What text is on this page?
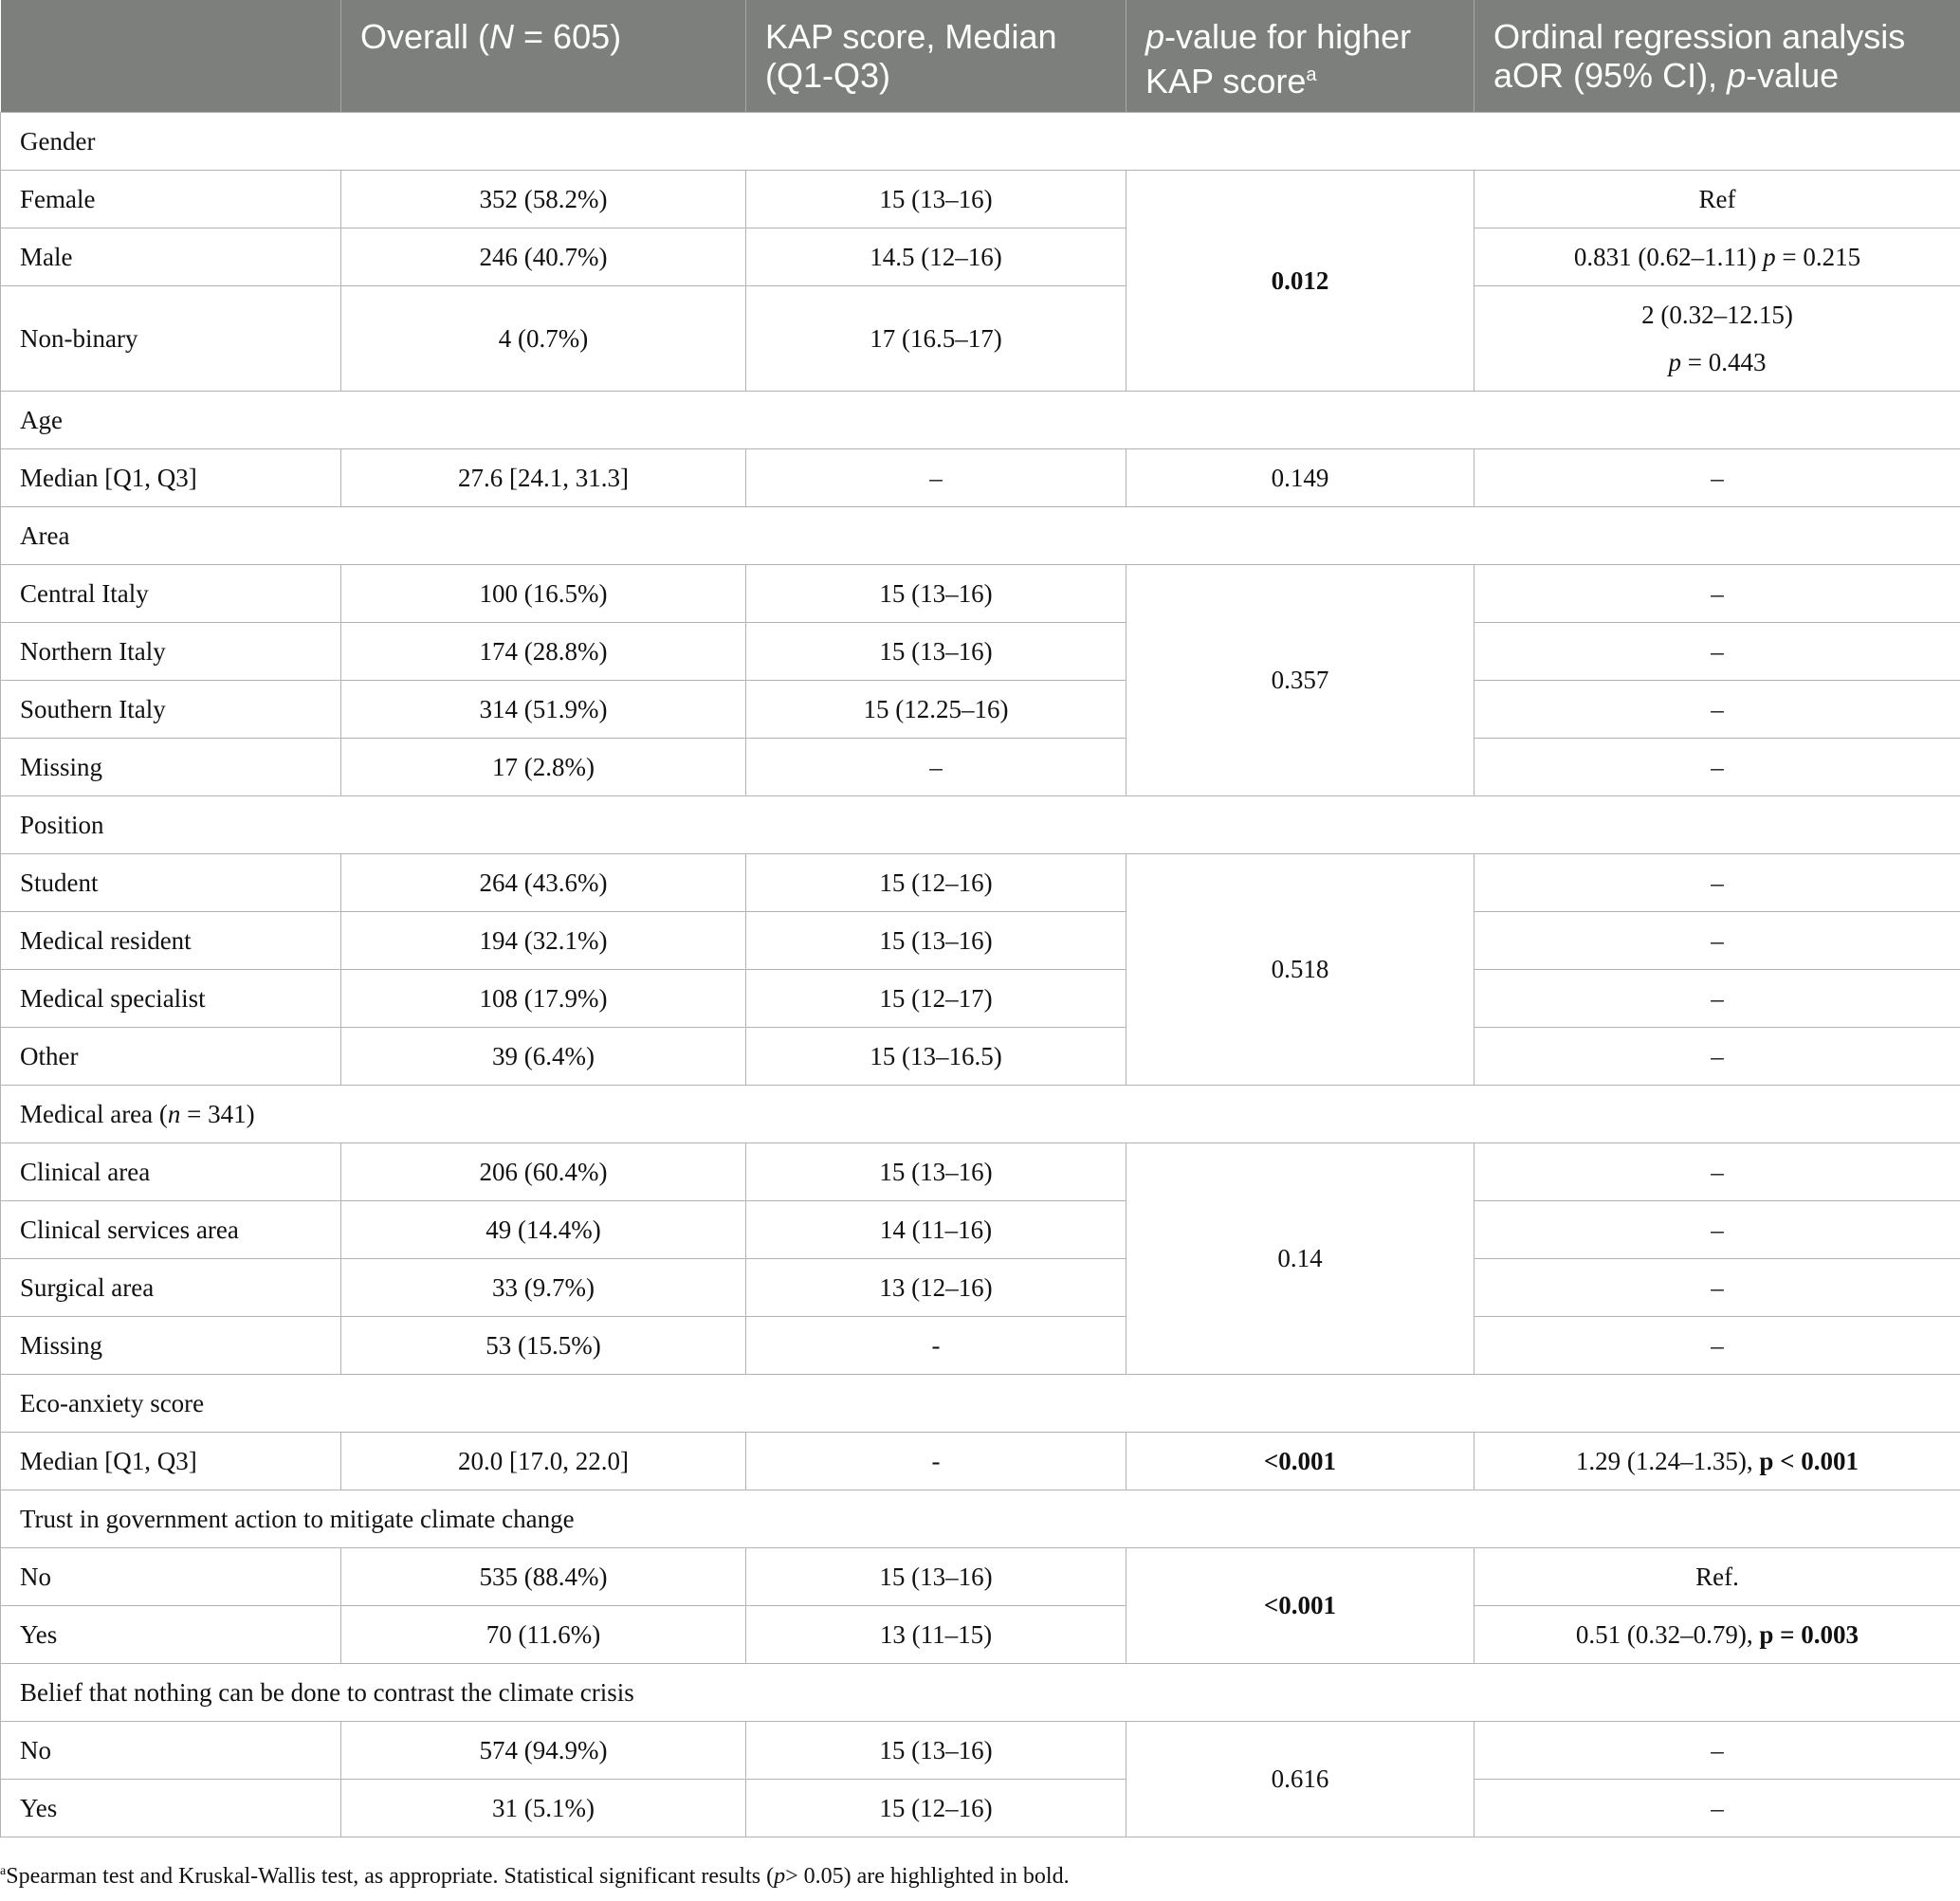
	Overall (N = 605)	KAP score, Median (Q1-Q3)	p-value for higher KAP score$^a$	Ordinal regression analysis aOR (95% CI), p-value
Gender				
Female	352 (58.2%)	15 (13–16)	0.012	Ref
Male	246 (40.7%)	14.5 (12–16)		0.831 (0.62–1.11) p = 0.215
Non-binary	4 (0.7%)	17 (16.5–17)		2 (0.32–12.15)
p = 0.443
Age				
Median [Q1, Q3]	27.6 [24.1, 31.3]	–	0.149	–
Area				
Central Italy	100 (16.5%)	15 (13–16)	0.357	–
Northern Italy	174 (28.8%)	15 (13–16)		–
Southern Italy	314 (51.9%)	15 (12.25–16)		–
Missing	17 (2.8%)	–		–
Position				
Student	264 (43.6%)	15 (12–16)	0.518	–
Medical resident	194 (32.1%)	15 (13–16)		–
Medical specialist	108 (17.9%)	15 (12–17)		–
Other	39 (6.4%)	15 (13–16.5)		–
Medical area (n = 341)				
Clinical area	206 (60.4%)	15 (13–16)	0.14	–
Clinical services area	49 (14.4%)	14 (11–16)		–
Surgical area	33 (9.7%)	13 (12–16)		–
Missing	53 (15.5%)	-		–
Eco-anxiety score				
Median [Q1, Q3]	20.0 [17.0, 22.0]	-	<0.001	1.29 (1.24–1.35), p < 0.001
Trust in government action to mitigate climate change				
No	535 (88.4%)	15 (13–16)	<0.001	Ref.
Yes	70 (11.6%)	13 (11–15)		0.51 (0.32–0.79), p = 0.003
Belief that nothing can be done to contrast the climate crisis				
No	574 (94.9%)	15 (13–16)	0.616	–
Yes	31 (5.1%)	15 (12–16)		–
$^a$Spearman test and Kruskal-Wallis test, as appropriate. Statistical significant results (p> 0.05) are highlighted in bold.
